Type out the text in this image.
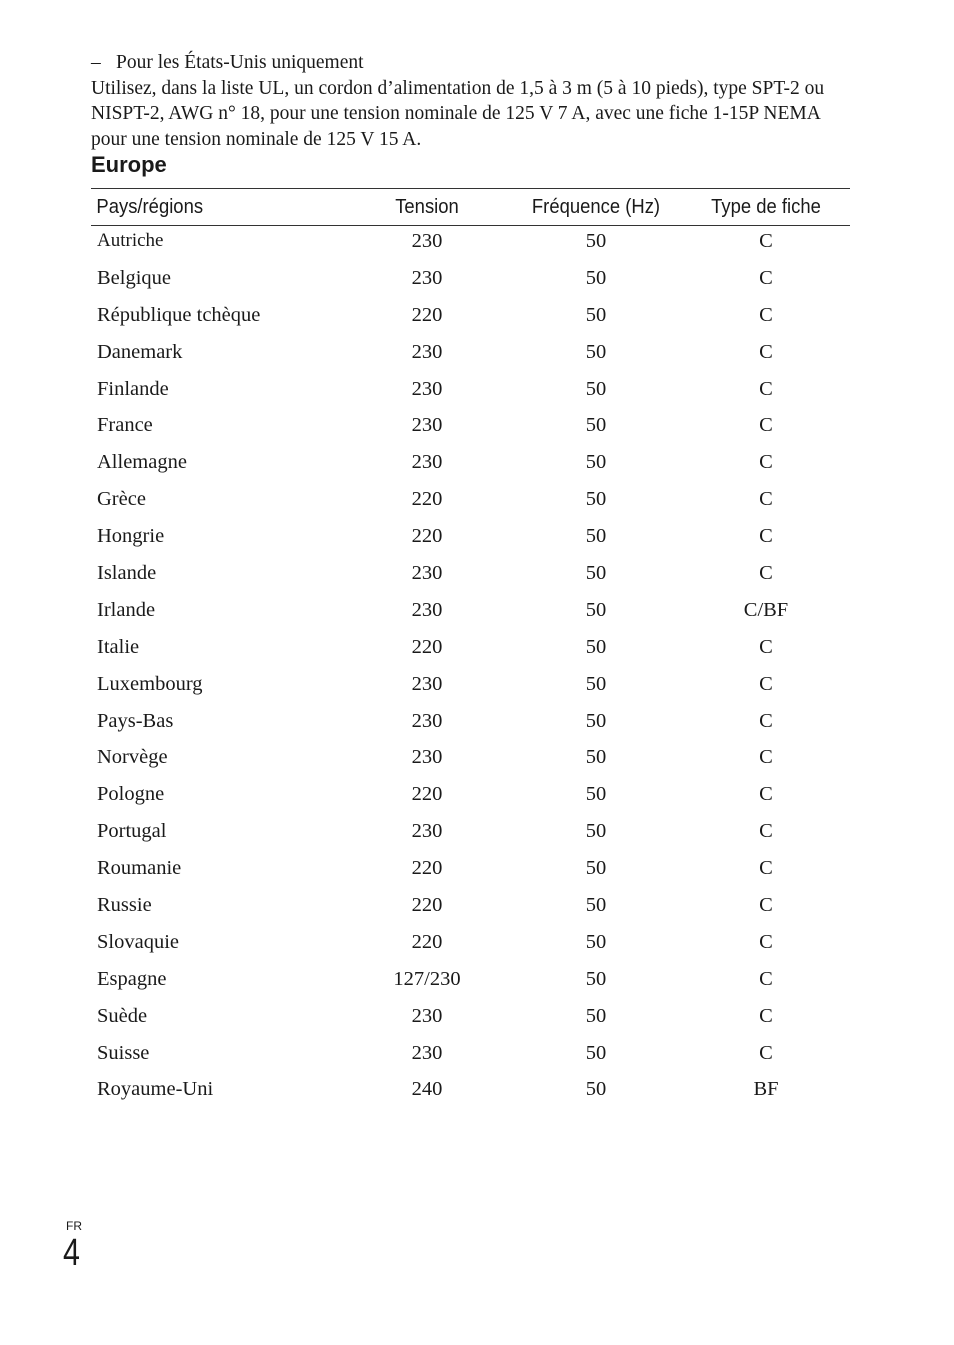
– Pour les États-Unis uniquement
Utilisez, dans la liste UL, un cordon d’alimentation de 1,5 à 3 m (5 à 10 pieds), type SPT-2 ou NISPT-2, AWG n° 18, pour une tension nominale de 125 V 7 A, avec une fiche 1-15P NEMA pour une tension nominale de 125 V 15 A.
Europe
Pays/régions	Tension	Fréquence (Hz)	Type de fiche
Autriche	230	50	C
Belgique	230	50	C
République tchèque	220	50	C
Danemark	230	50	C
Finlande	230	50	C
France	230	50	C
Allemagne	230	50	C
Grèce	220	50	C
Hongrie	220	50	C
Islande	230	50	C
Irlande	230	50	C/BF
Italie	220	50	C
Luxembourg	230	50	C
Pays-Bas	230	50	C
Norvège	230	50	C
Pologne	220	50	C
Portugal	230	50	C
Roumanie	220	50	C
Russie	220	50	C
Slovaquie	220	50	C
Espagne	127/230	50	C
Suède	230	50	C
Suisse	230	50	C
Royaume-Uni	240	50	BF
FR
4
